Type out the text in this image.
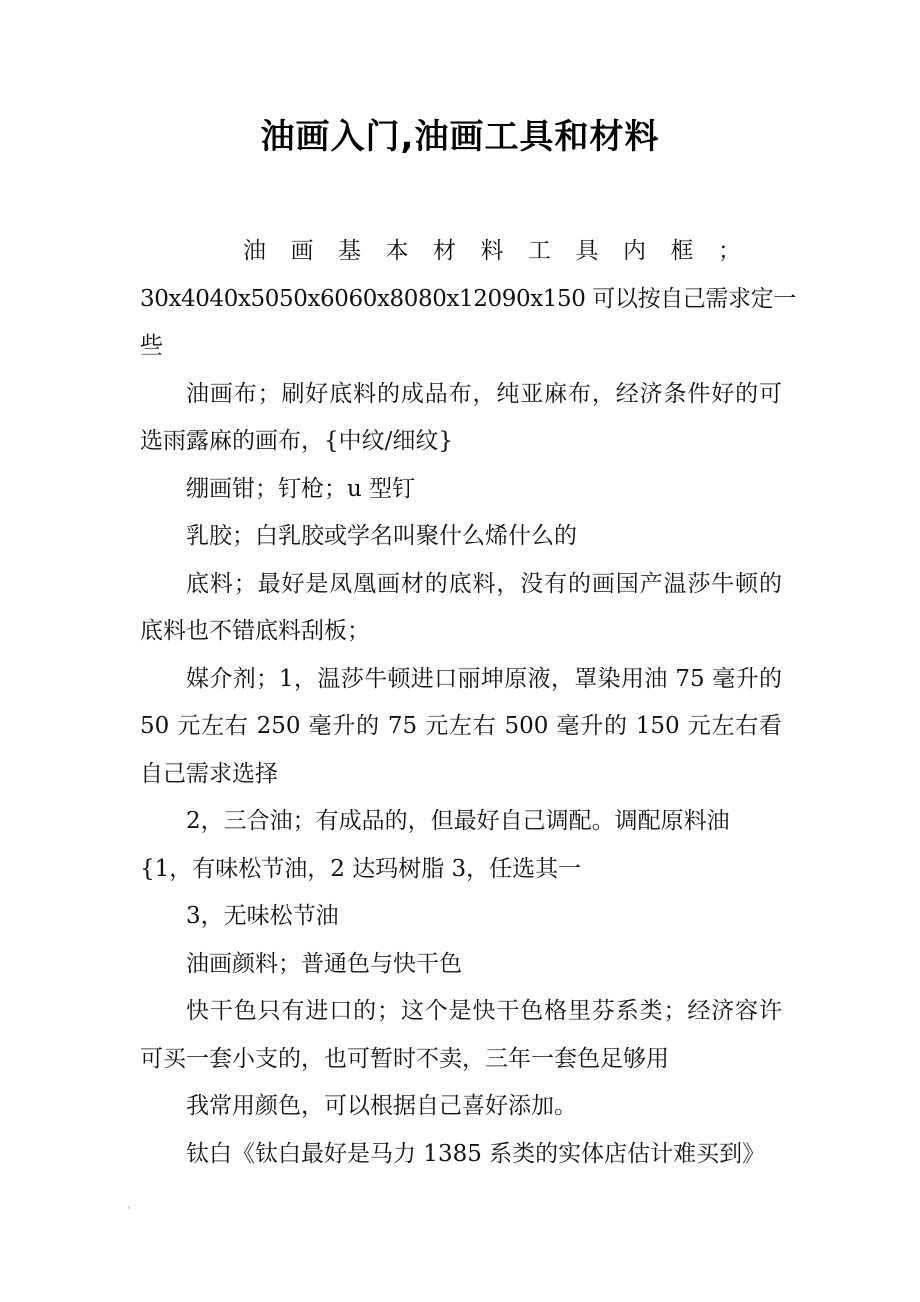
油画入门,油画工具和材料

油画基本材料工具内框；

30x4040x5050x6060x8080x12090x150 可以按自己需求定一

些

油画布；刷好底料的成品布，纯亚麻布，经济条件好的可选雨露麻的画布，{中纹/细纹}

绷画钳；钉枪；u 型钉

乳胶；白乳胶或学名叫聚什么烯什么的

底料；最好是凤凰画材的底料，没有的画国产温莎牛顿的底料也不错底料刮板；

媒介剂；1，温莎牛顿进口丽坤原液，罩染用油 75 毫升的 50 元左右 250 毫升的 75 元左右 500 毫升的 150 元左右看自己需求选择

2，三合油；有成品的，但最好自己调配。调配原料油

{1，有味松节油，2 达玛树脂 3，任选其一

3，无味松节油

油画颜料；普通色与快干色

快干色只有进口的；这个是快干色格里芬系类；经济容许可买一套小支的，也可暂时不卖，三年一套色足够用

我常用颜色，可以根据自己喜好添加。

钛白《钛白最好是马力 1385 系类的实体店估计难买到》
